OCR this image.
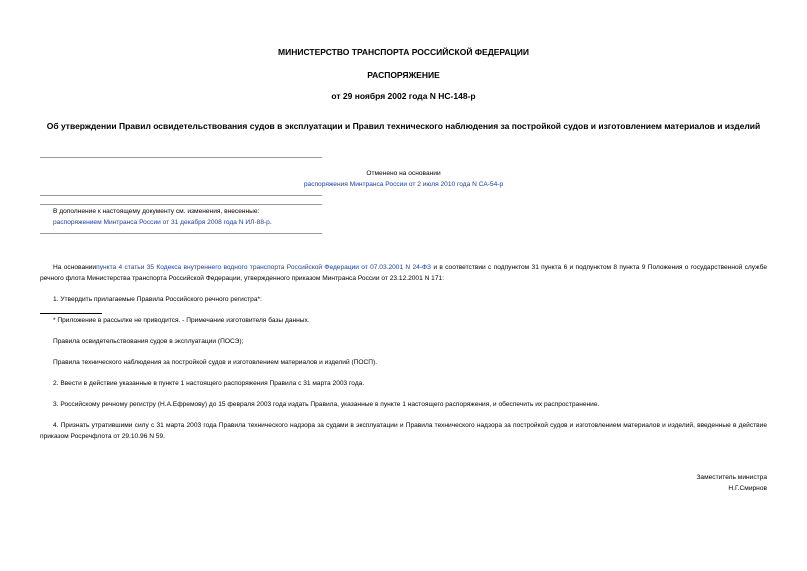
МИНИСТЕРСТВО ТРАНСПОРТА РОССИЙСКОЙ ФЕДЕРАЦИИ
РАСПОРЯЖЕНИЕ
от 29 ноября 2002 года N НС-148-р
Об утверждении Правил освидетельствования судов в эксплуатации и Правил технического наблюдения за постройкой судов и изготовлением материалов и изделий
Отменено на основании
распоряжения Минтранса России от 2 июля 2010 года N СА-54-р
В дополнение к настоящему документу см. изменения, внесенные:
распоряжением Минтранса России от 31 декабря 2008 года N ИЛ-88-р.
На основаниипункта 4 статьи 35 Кодекса внутреннего водного транспорта Российской Федерации от 07.03.2001 N 24-ФЗ и в соответствии с подпунктом 31 пункта 6 и подпунктом 8 пункта 9 Положения о государственной службе речного флота Министерства транспорта Российской Федерации, утвержденного приказом Минтранса России от 23.12.2001 N 171:
1. Утвердить прилагаемые Правила Российского речного регистра*:
* Приложение в рассылке не приводится. - Примечание изготовителя базы данных.
Правила освидетельствования судов в эксплуатации (ПОСЭ);
Правила технического наблюдения за постройкой судов и изготовлением материалов и изделий (ПОСП).
2. Ввести в действие указанные в пункте 1 настоящего распоряжения Правила с 31 марта 2003 года.
3. Российскому речному регистру (Н.А.Ефремову) до 15 февраля 2003 года издать Правила, указанные в пункте 1 настоящего распоряжения, и обеспечить их распространение.
4. Признать утратившими силу с 31 марта 2003 года Правила технического надзора за судами в эксплуатации и Правила технического надзора за постройкой судов и изготовлением материалов и изделий, введенные в действие приказом Росречфлота от 29.10.96 N 59.
Заместитель министра
Н.Г.Смирнов
